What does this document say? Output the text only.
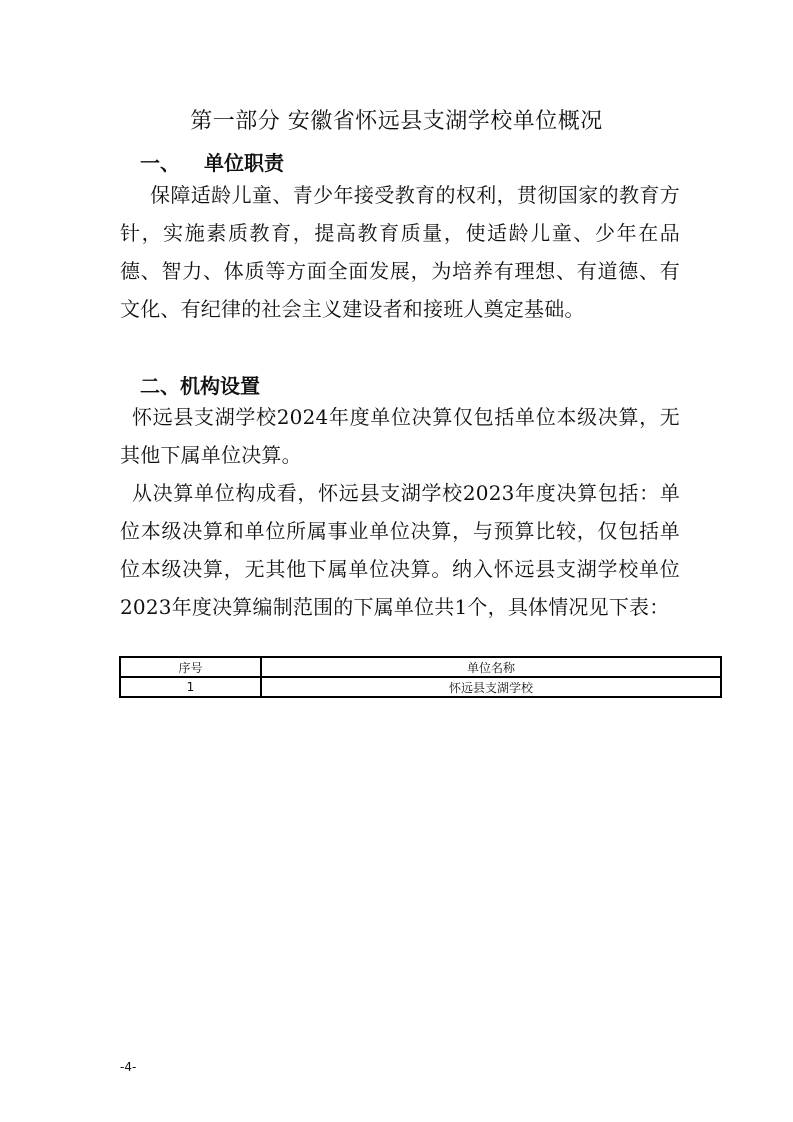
第一部分 安徽省怀远县支湖学校单位概况
一、 单位职责
保障适龄儿童、青少年接受教育的权利，贯彻国家的教育方针，实施素质教育，提高教育质量，使适龄儿童、少年在品德、智力、体质等方面全面发展，为培养有理想、有道德、有文化、有纪律的社会主义建设者和接班人奠定基础。
二、机构设置
怀远县支湖学校2024年度单位决算仅包括单位本级决算，无其他下属单位决算。
从决算单位构成看，怀远县支湖学校2023年度决算包括：单位本级决算和单位所属事业单位决算，与预算比较，仅包括单位本级决算，无其他下属单位决算。纳入怀远县支湖学校单位2023年度决算编制范围的下属单位共1个，具体情况见下表：
序号	单位名称
1	怀远县支湖学校
-4-
